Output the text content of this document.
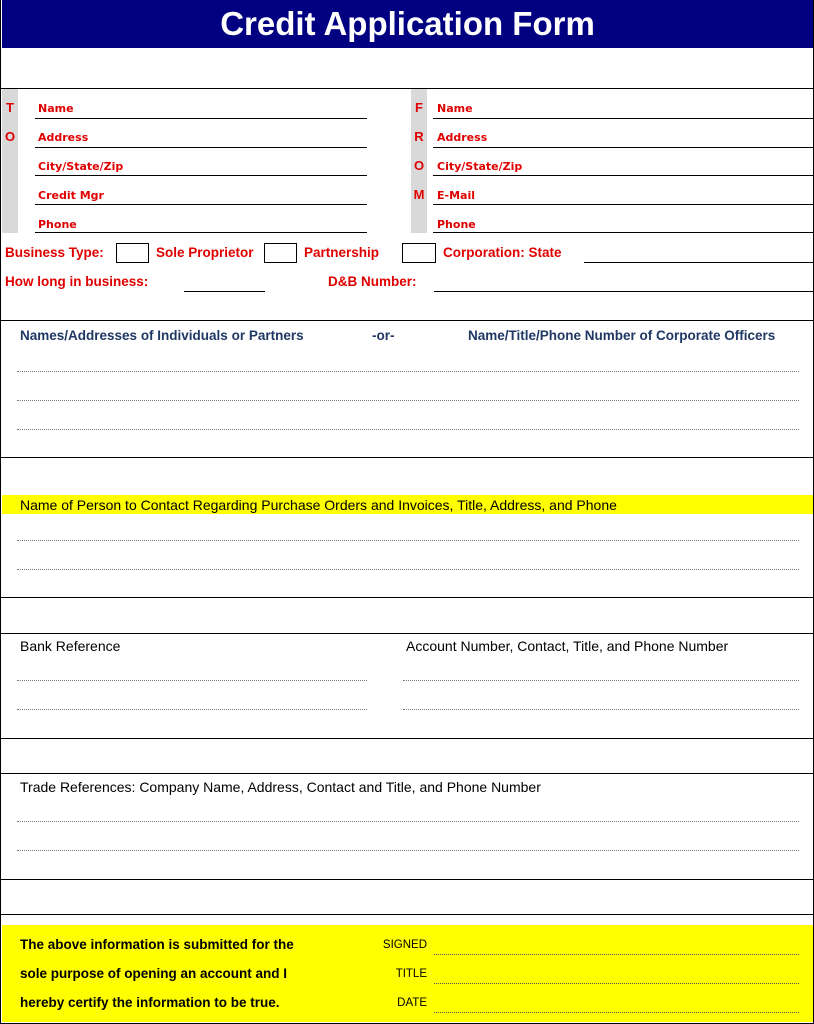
Credit Application Form
T
O
Name
Address
City/State/Zip
Credit Mgr
Phone
F
R
O
M
Name
Address
City/State/Zip
E-Mail
Phone
Business Type:	Sole Proprietor	Partnership	Corporation: State
How long in business:	D&B Number:
Names/Addresses of Individuals or Partners	-or-	Name/Title/Phone Number of Corporate Officers
Name of Person to Contact Regarding Purchase Orders and Invoices, Title, Address, and Phone
Bank Reference	Account Number, Contact, Title, and Phone Number
Trade References: Company Name, Address, Contact and Title, and Phone Number
The above information is submitted for the
sole purpose of opening an account and I
hereby certify the information to be true.
SIGNED
TITLE
DATE
